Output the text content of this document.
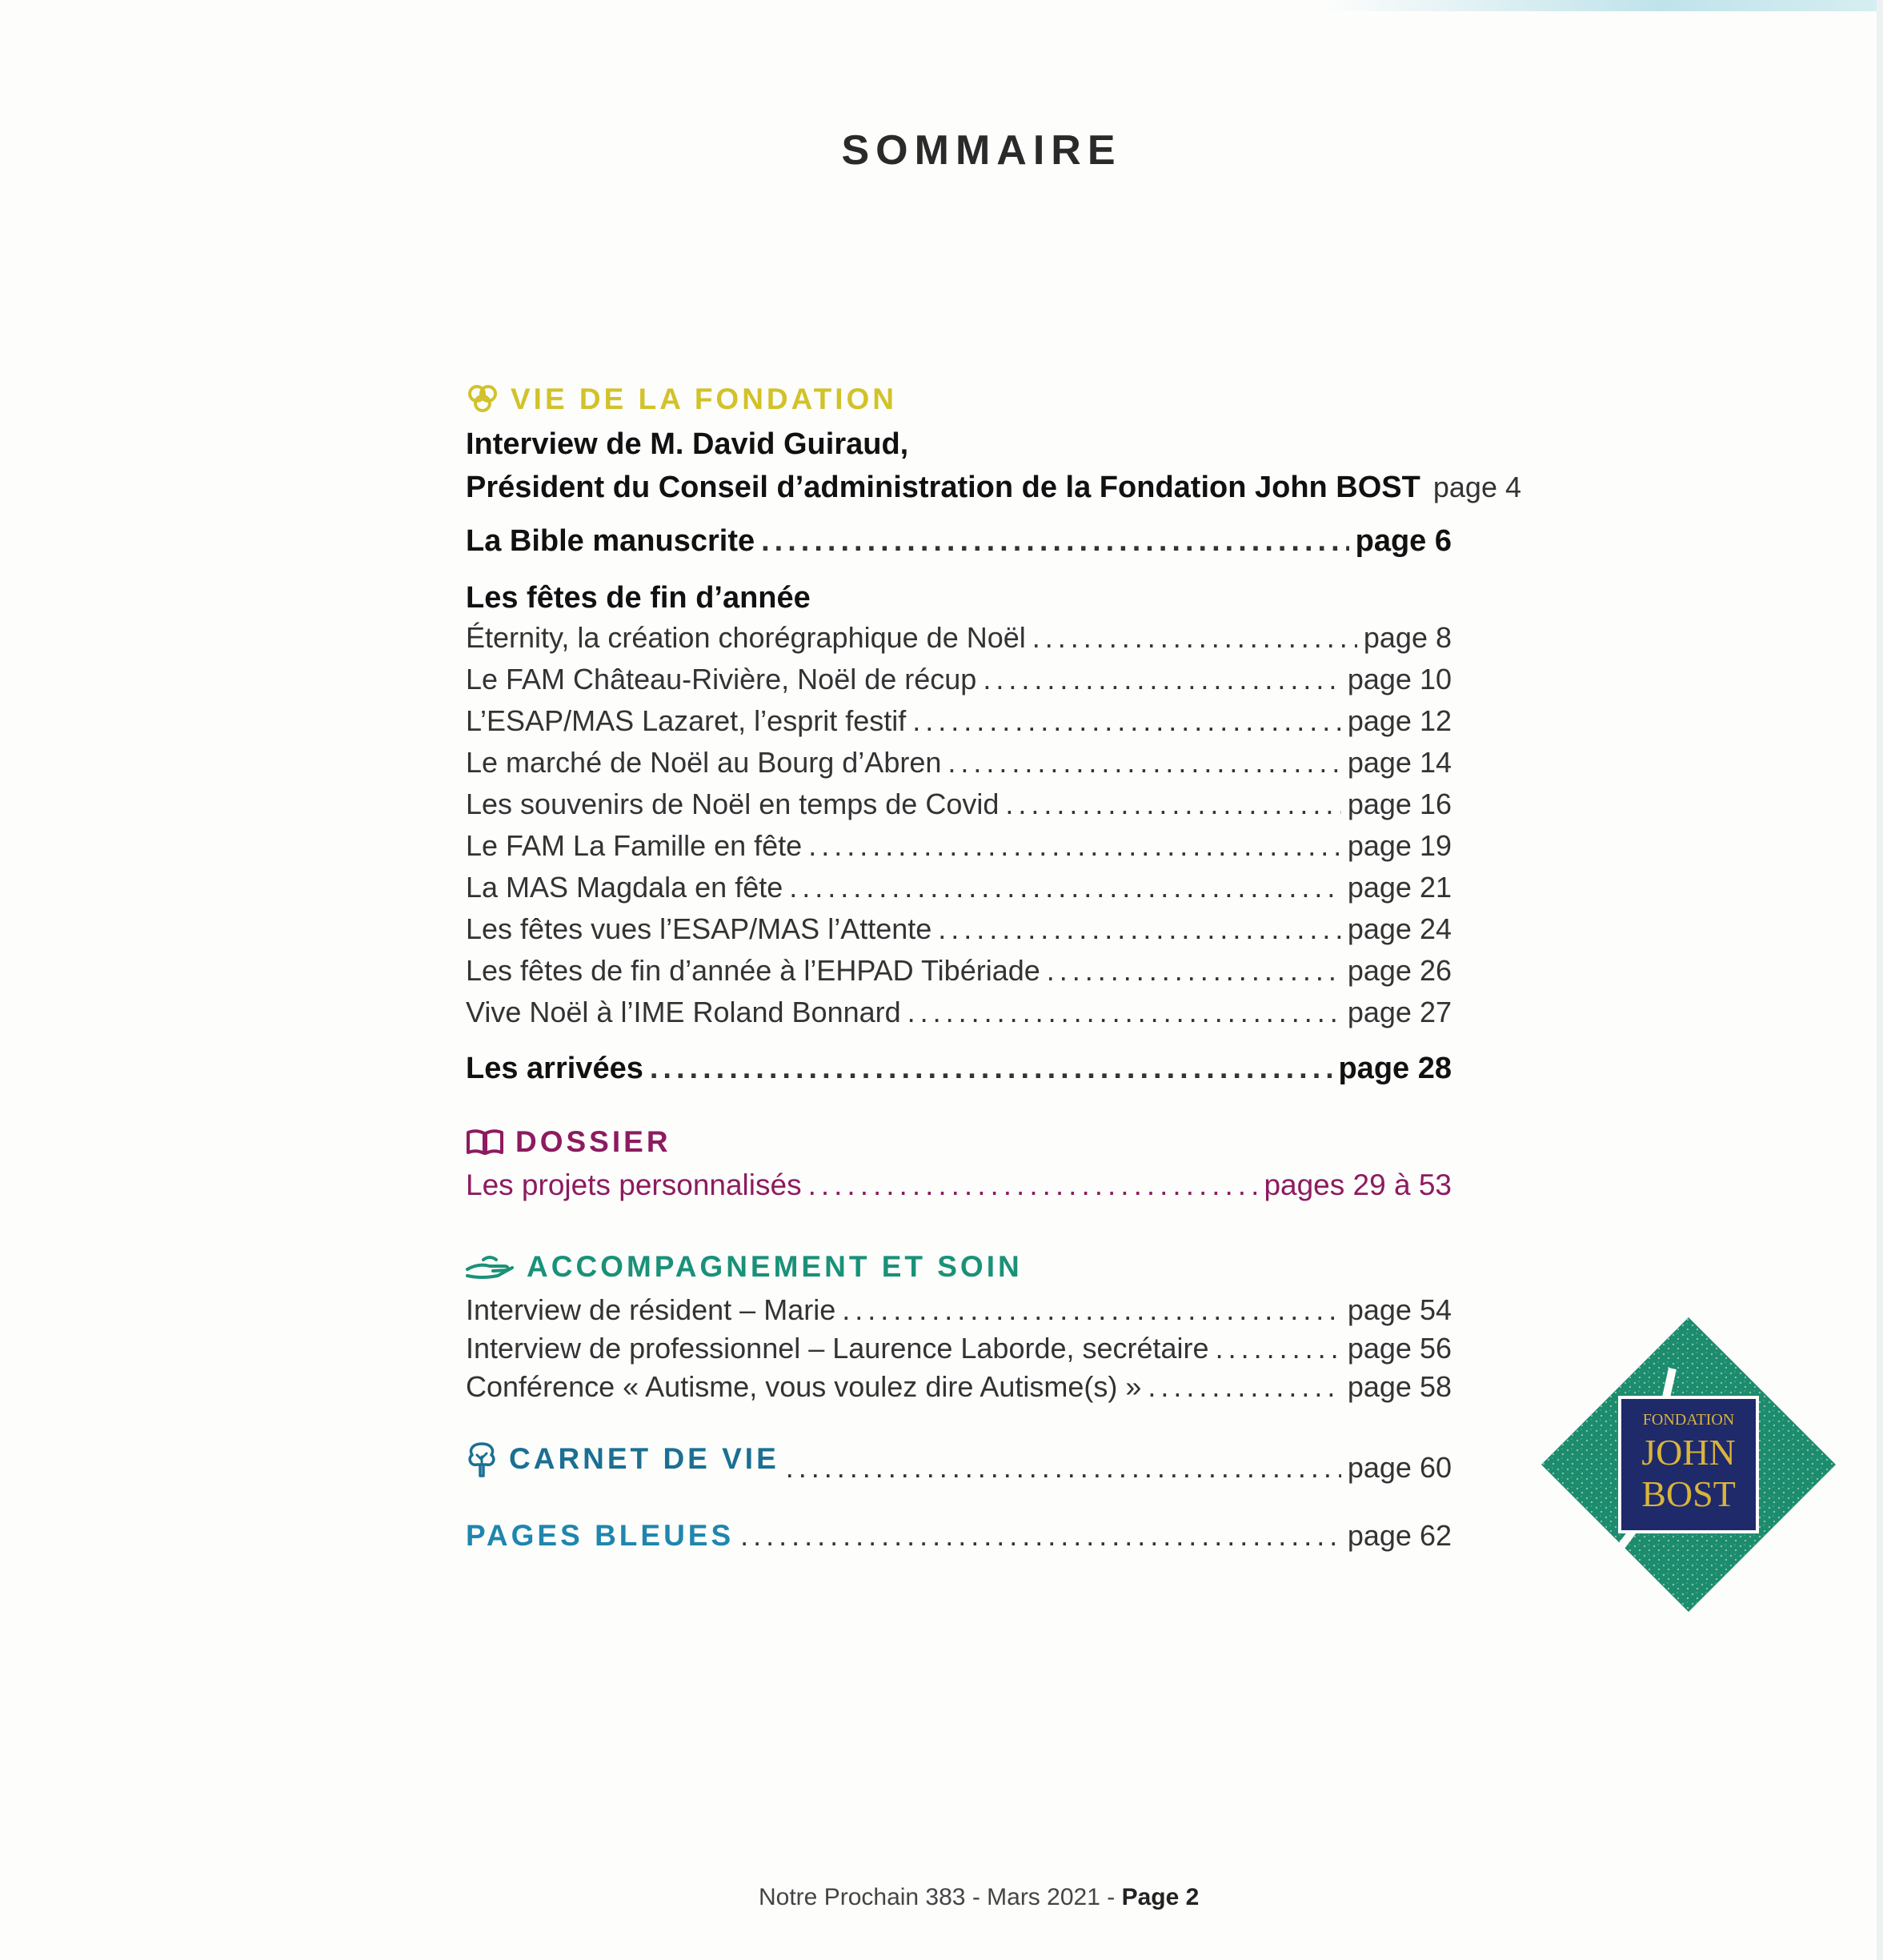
SOMMAIRE
VIE DE LA FONDATION
Interview de M. David Guiraud,
Président du Conseil d’administration de la Fondation John BOST page 4
La Bible manuscrite .....	page 6
Les fêtes de fin d’année
Éternity, la création chorégraphique de Noël .....	page 8
Le FAM Château-Rivière, Noël de récup .....	page 10
L’ESAP/MAS Lazaret, l’esprit festif .....	page 12
Le marché de Noël au Bourg d’Abren .....	page 14
Les souvenirs de Noël en temps de Covid .....	page 16
Le FAM La Famille en fête .....	page 19
La MAS Magdala en fête .....	page 21
Les fêtes vues l’ESAP/MAS l’Attente .....	page 24
Les fêtes de fin d’année à l’EHPAD Tibériade .....	page 26
Vive Noël à l’IME Roland Bonnard .....	page 27
Les arrivées .....	page 28
DOSSIER
Les projets personnalisés .....	pages 29 à 53
ACCOMPAGNEMENT ET SOIN
Interview de résident – Marie .....	page 54
Interview de professionnel – Laurence Laborde, secrétaire .....	page 56
Conférence « Autisme, vous voulez dire Autisme(s) » .....	page 58
CARNET DE VIE .....	page 60
PAGES BLEUES .....	page 62
FONDATION
JOHN
BOST
Notre Prochain 383 - Mars 2021 - Page 2
